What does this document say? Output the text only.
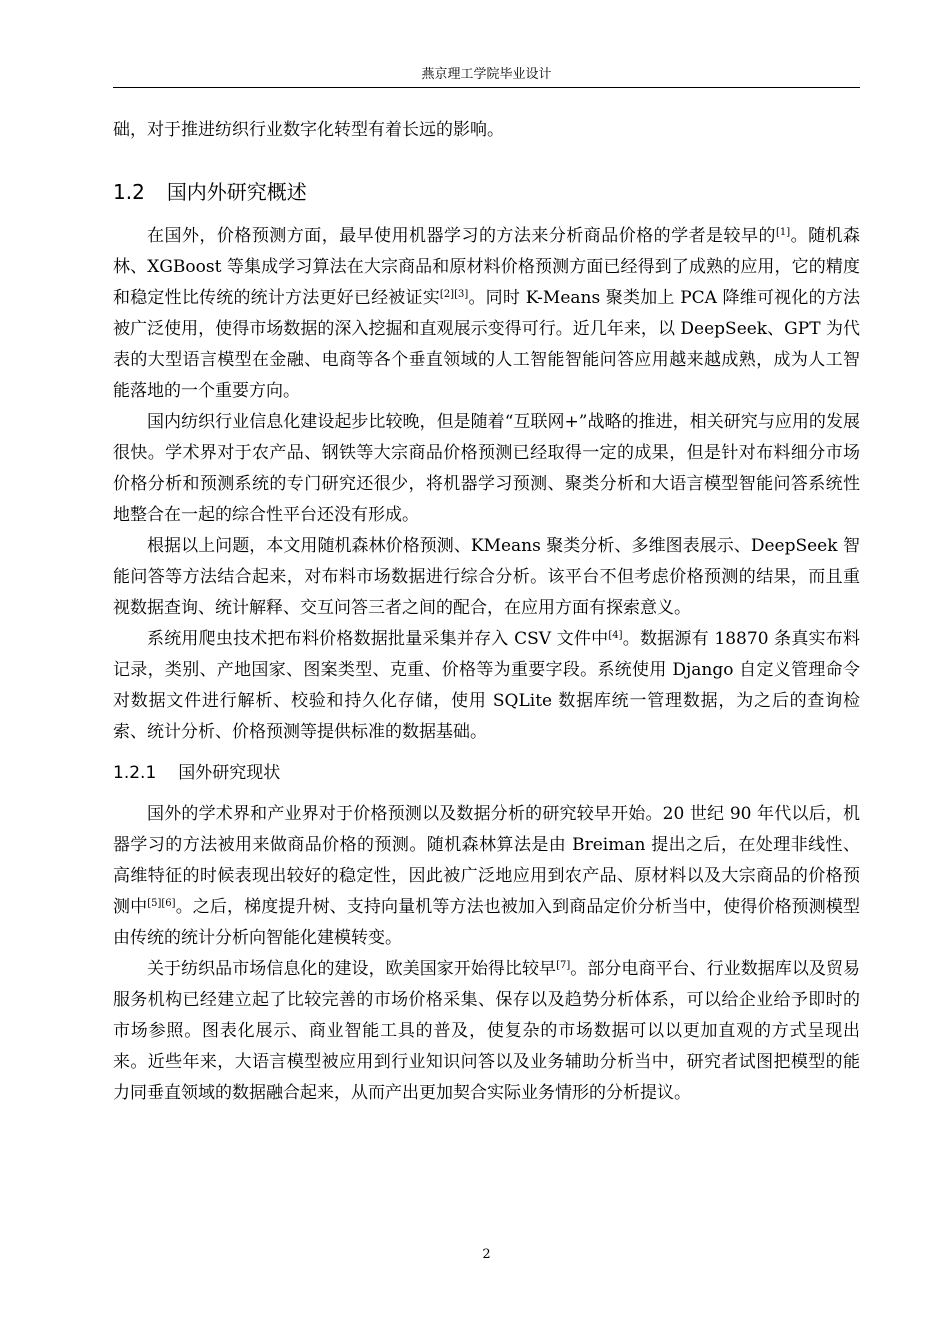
燕京理工学院毕业设计

础，对于推进纺织行业数字化转型有着长远的影响。

1.2 国内外研究概述

在国外，价格预测方面，最早使用机器学习的方法来分析商品价格的学者是较早的[1]。随机森林、XGBoost 等集成学习算法在大宗商品和原材料价格预测方面已经得到了成熟的应用，它的精度和稳定性比传统的统计方法更好已经被证实[2][3]。同时 K-Means 聚类加上 PCA 降维可视化的方法被广泛使用，使得市场数据的深入挖掘和直观展示变得可行。近几年来，以 DeepSeek、GPT 为代表的大型语言模型在金融、电商等各个垂直领域的人工智能智能问答应用越来越成熟，成为人工智能落地的一个重要方向。

国内纺织行业信息化建设起步比较晚，但是随着“互联网+”战略的推进，相关研究与应用的发展很快。学术界对于农产品、钢铁等大宗商品价格预测已经取得一定的成果，但是针对布料细分市场价格分析和预测系统的专门研究还很少，将机器学习预测、聚类分析和大语言模型智能问答系统性地整合在一起的综合性平台还没有形成。

根据以上问题，本文用随机森林价格预测、KMeans 聚类分析、多维图表展示、DeepSeek 智能问答等方法结合起来，对布料市场数据进行综合分析。该平台不但考虑价格预测的结果，而且重视数据查询、统计解释、交互问答三者之间的配合，在应用方面有探索意义。

系统用爬虫技术把布料价格数据批量采集并存入 CSV 文件中[4]。数据源有 18870 条真实布料记录，类别、产地国家、图案类型、克重、价格等为重要字段。系统使用 Django 自定义管理命令对数据文件进行解析、校验和持久化存储，使用 SQLite 数据库统一管理数据，为之后的查询检索、统计分析、价格预测等提供标准的数据基础。

1.2.1 国外研究现状

国外的学术界和产业界对于价格预测以及数据分析的研究较早开始。20 世纪 90 年代以后，机器学习的方法被用来做商品价格的预测。随机森林算法是由 Breiman 提出之后，在处理非线性、高维特征的时候表现出较好的稳定性，因此被广泛地应用到农产品、原材料以及大宗商品的价格预测中[5][6]。之后，梯度提升树、支持向量机等方法也被加入到商品定价分析当中，使得价格预测模型由传统的统计分析向智能化建模转变。

关于纺织品市场信息化的建设，欧美国家开始得比较早[7]。部分电商平台、行业数据库以及贸易服务机构已经建立起了比较完善的市场价格采集、保存以及趋势分析体系，可以给企业给予即时的市场参照。图表化展示、商业智能工具的普及，使复杂的市场数据可以以更加直观的方式呈现出来。近些年来，大语言模型被应用到行业知识问答以及业务辅助分析当中，研究者试图把模型的能力同垂直领域的数据融合起来，从而产出更加契合实际业务情形的分析提议。

2
